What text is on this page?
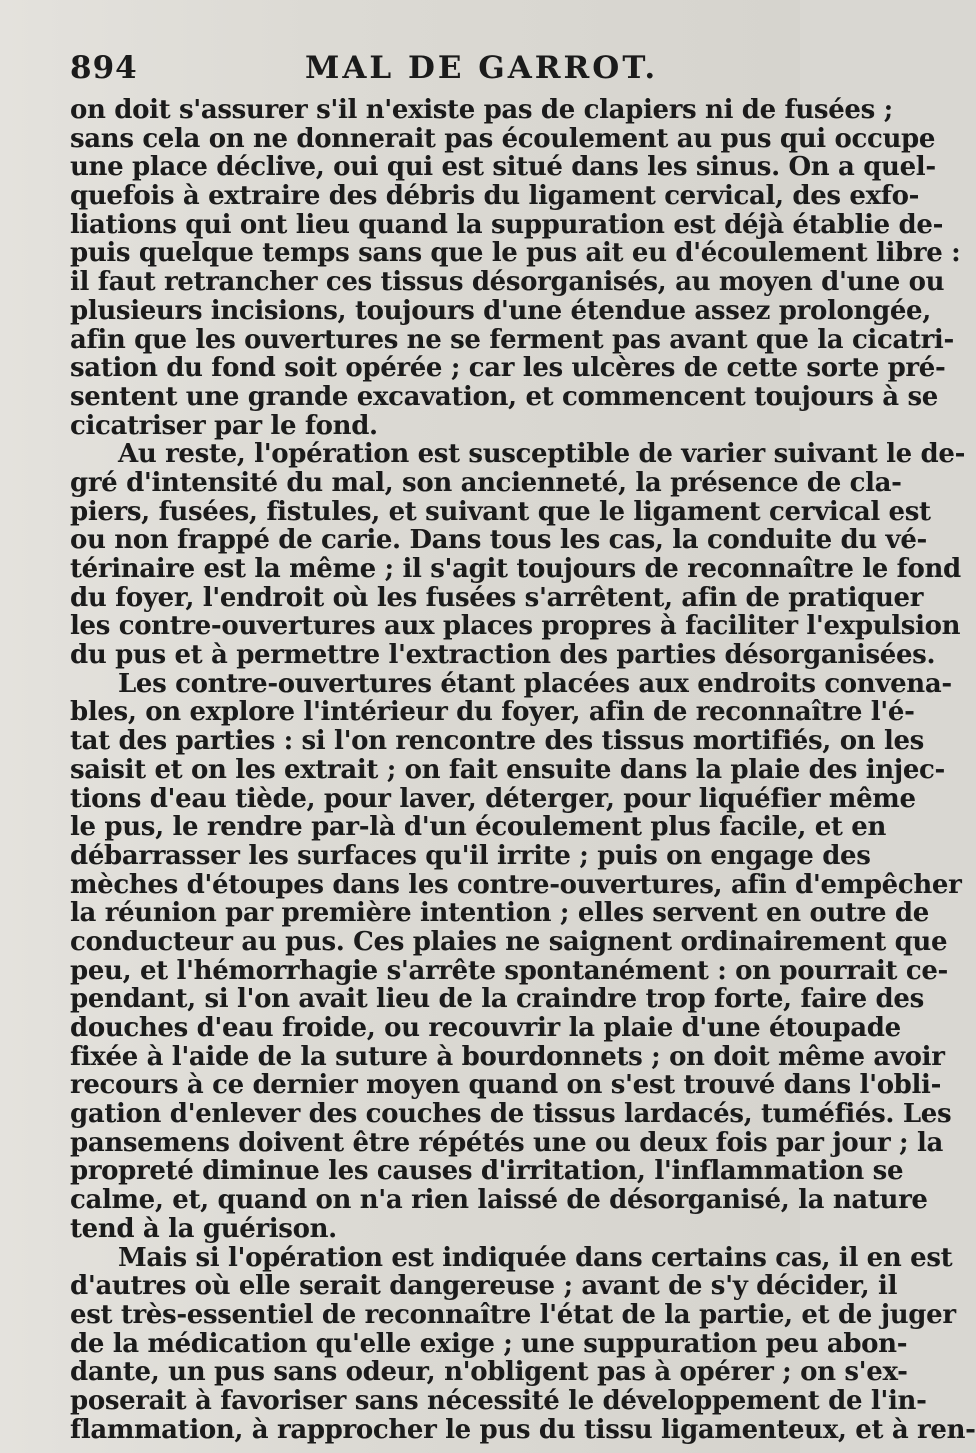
894	MAL DE GARROT.
on doit s'assurer s'il n'existe pas de clapiers ni de fusées ;
sans cela on ne donnerait pas écoulement au pus qui occupe
une place déclive, oui qui est situé dans les sinus. On a quel-
quefois à extraire des débris du ligament cervical, des exfo-
liations qui ont lieu quand la suppuration est déjà établie de-
puis quelque temps sans que le pus ait eu d'écoulement libre :
il faut retrancher ces tissus désorganisés, au moyen d'une ou
plusieurs incisions, toujours d'une étendue assez prolongée,
afin que les ouvertures ne se ferment pas avant que la cicatri-
sation du fond soit opérée ; car les ulcères de cette sorte pré-
sentent une grande excavation, et commencent toujours à se
cicatriser par le fond.
Au reste, l'opération est susceptible de varier suivant le de-
gré d'intensité du mal, son ancienneté, la présence de cla-
piers, fusées, fistules, et suivant que le ligament cervical est
ou non frappé de carie. Dans tous les cas, la conduite du vé-
térinaire est la même ; il s'agit toujours de reconnaître le fond
du foyer, l'endroit où les fusées s'arrêtent, afin de pratiquer
les contre-ouvertures aux places propres à faciliter l'expulsion
du pus et à permettre l'extraction des parties désorganisées.
Les contre-ouvertures étant placées aux endroits convena-
bles, on explore l'intérieur du foyer, afin de reconnaître l'é-
tat des parties : si l'on rencontre des tissus mortifiés, on les
saisit et on les extrait ; on fait ensuite dans la plaie des injec-
tions d'eau tiède, pour laver, déterger, pour liquéfier même
le pus, le rendre par-là d'un écoulement plus facile, et en
débarrasser les surfaces qu'il irrite ; puis on engage des
mèches d'étoupes dans les contre-ouvertures, afin d'empêcher
la réunion par première intention ; elles servent en outre de
conducteur au pus. Ces plaies ne saignent ordinairement que
peu, et l'hémorrhagie s'arrête spontanément : on pourrait ce-
pendant, si l'on avait lieu de la craindre trop forte, faire des
douches d'eau froide, ou recouvrir la plaie d'une étoupade
fixée à l'aide de la suture à bourdonnets ; on doit même avoir
recours à ce dernier moyen quand on s'est trouvé dans l'obli-
gation d'enlever des couches de tissus lardacés, tuméfiés. Les
pansemens doivent être répétés une ou deux fois par jour ; la
propreté diminue les causes d'irritation, l'inflammation se
calme, et, quand on n'a rien laissé de désorganisé, la nature
tend à la guérison.
Mais si l'opération est indiquée dans certains cas, il en est
d'autres où elle serait dangereuse ; avant de s'y décider, il
est très-essentiel de reconnaître l'état de la partie, et de juger
de la médication qu'elle exige ; une suppuration peu abon-
dante, un pus sans odeur, n'obligent pas à opérer ; on s'ex-
poserait à favoriser sans nécessité le développement de l'in-
flammation, à rapprocher le pus du tissu ligamenteux, et à ren-
